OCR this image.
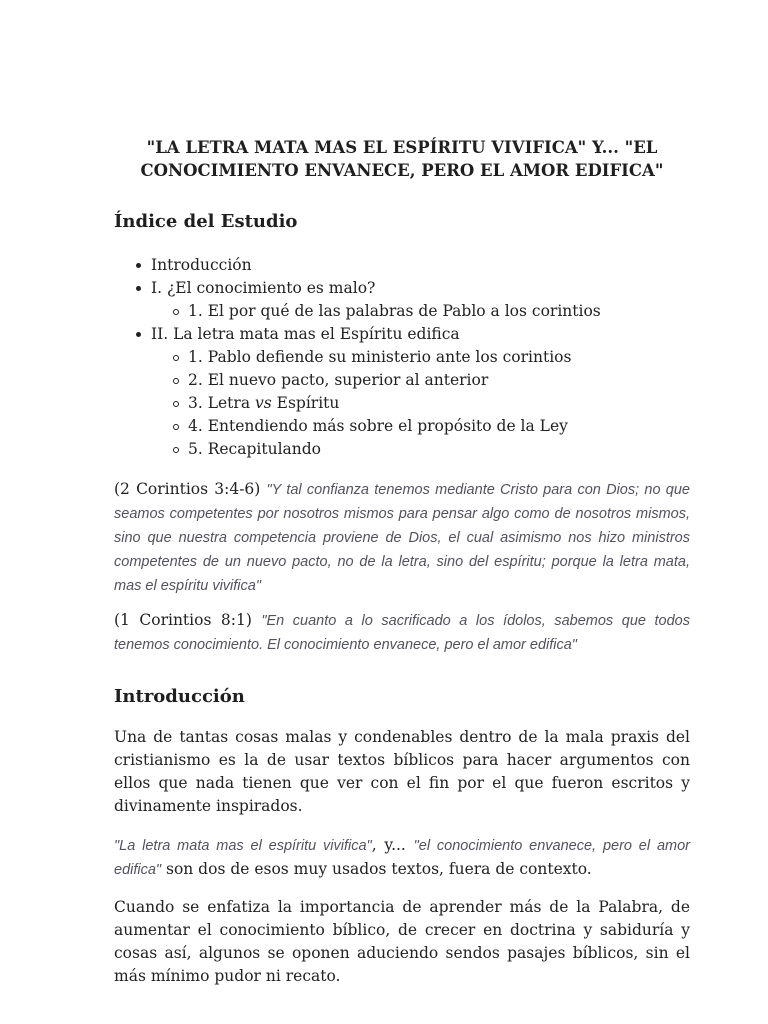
"LA LETRA MATA MAS EL ESPÍRITU VIVIFICA" Y... "EL
CONOCIMIENTO ENVANECE, PERO EL AMOR EDIFICA"
Índice del Estudio
Introducción
I. ¿El conocimiento es malo?
1. El por qué de las palabras de Pablo a los corintios
II. La letra mata mas el Espíritu edifica
1. Pablo defiende su ministerio ante los corintios
2. El nuevo pacto, superior al anterior
3. Letra vs Espíritu
4. Entendiendo más sobre el propósito de la Ley
5. Recapitulando

(2 Corintios 3:4-6) "Y tal confianza tenemos mediante Cristo para con Dios; no que seamos competentes por nosotros mismos para pensar algo como de nosotros mismos, sino que nuestra competencia proviene de Dios, el cual asimismo nos hizo ministros competentes de un nuevo pacto, no de la letra, sino del espíritu; porque la letra mata, mas el espíritu vivifica"

(1 Corintios 8:1) "En cuanto a lo sacrificado a los ídolos, sabemos que todos tenemos conocimiento. El conocimiento envanece, pero el amor edifica"

Introducción

Una de tantas cosas malas y condenables dentro de la mala praxis del cristianismo es la de usar textos bíblicos para hacer argumentos con ellos que nada tienen que ver con el fin por el que fueron escritos y divinamente inspirados.

"La letra mata mas el espíritu vivifica", y... "el conocimiento envanece, pero el amor edifica" son dos de esos muy usados textos, fuera de contexto.

Cuando se enfatiza la importancia de aprender más de la Palabra, de aumentar el conocimiento bíblico, de crecer en doctrina y sabiduría y cosas así, algunos se oponen aduciendo sendos pasajes bíblicos, sin el más mínimo pudor ni recato.
